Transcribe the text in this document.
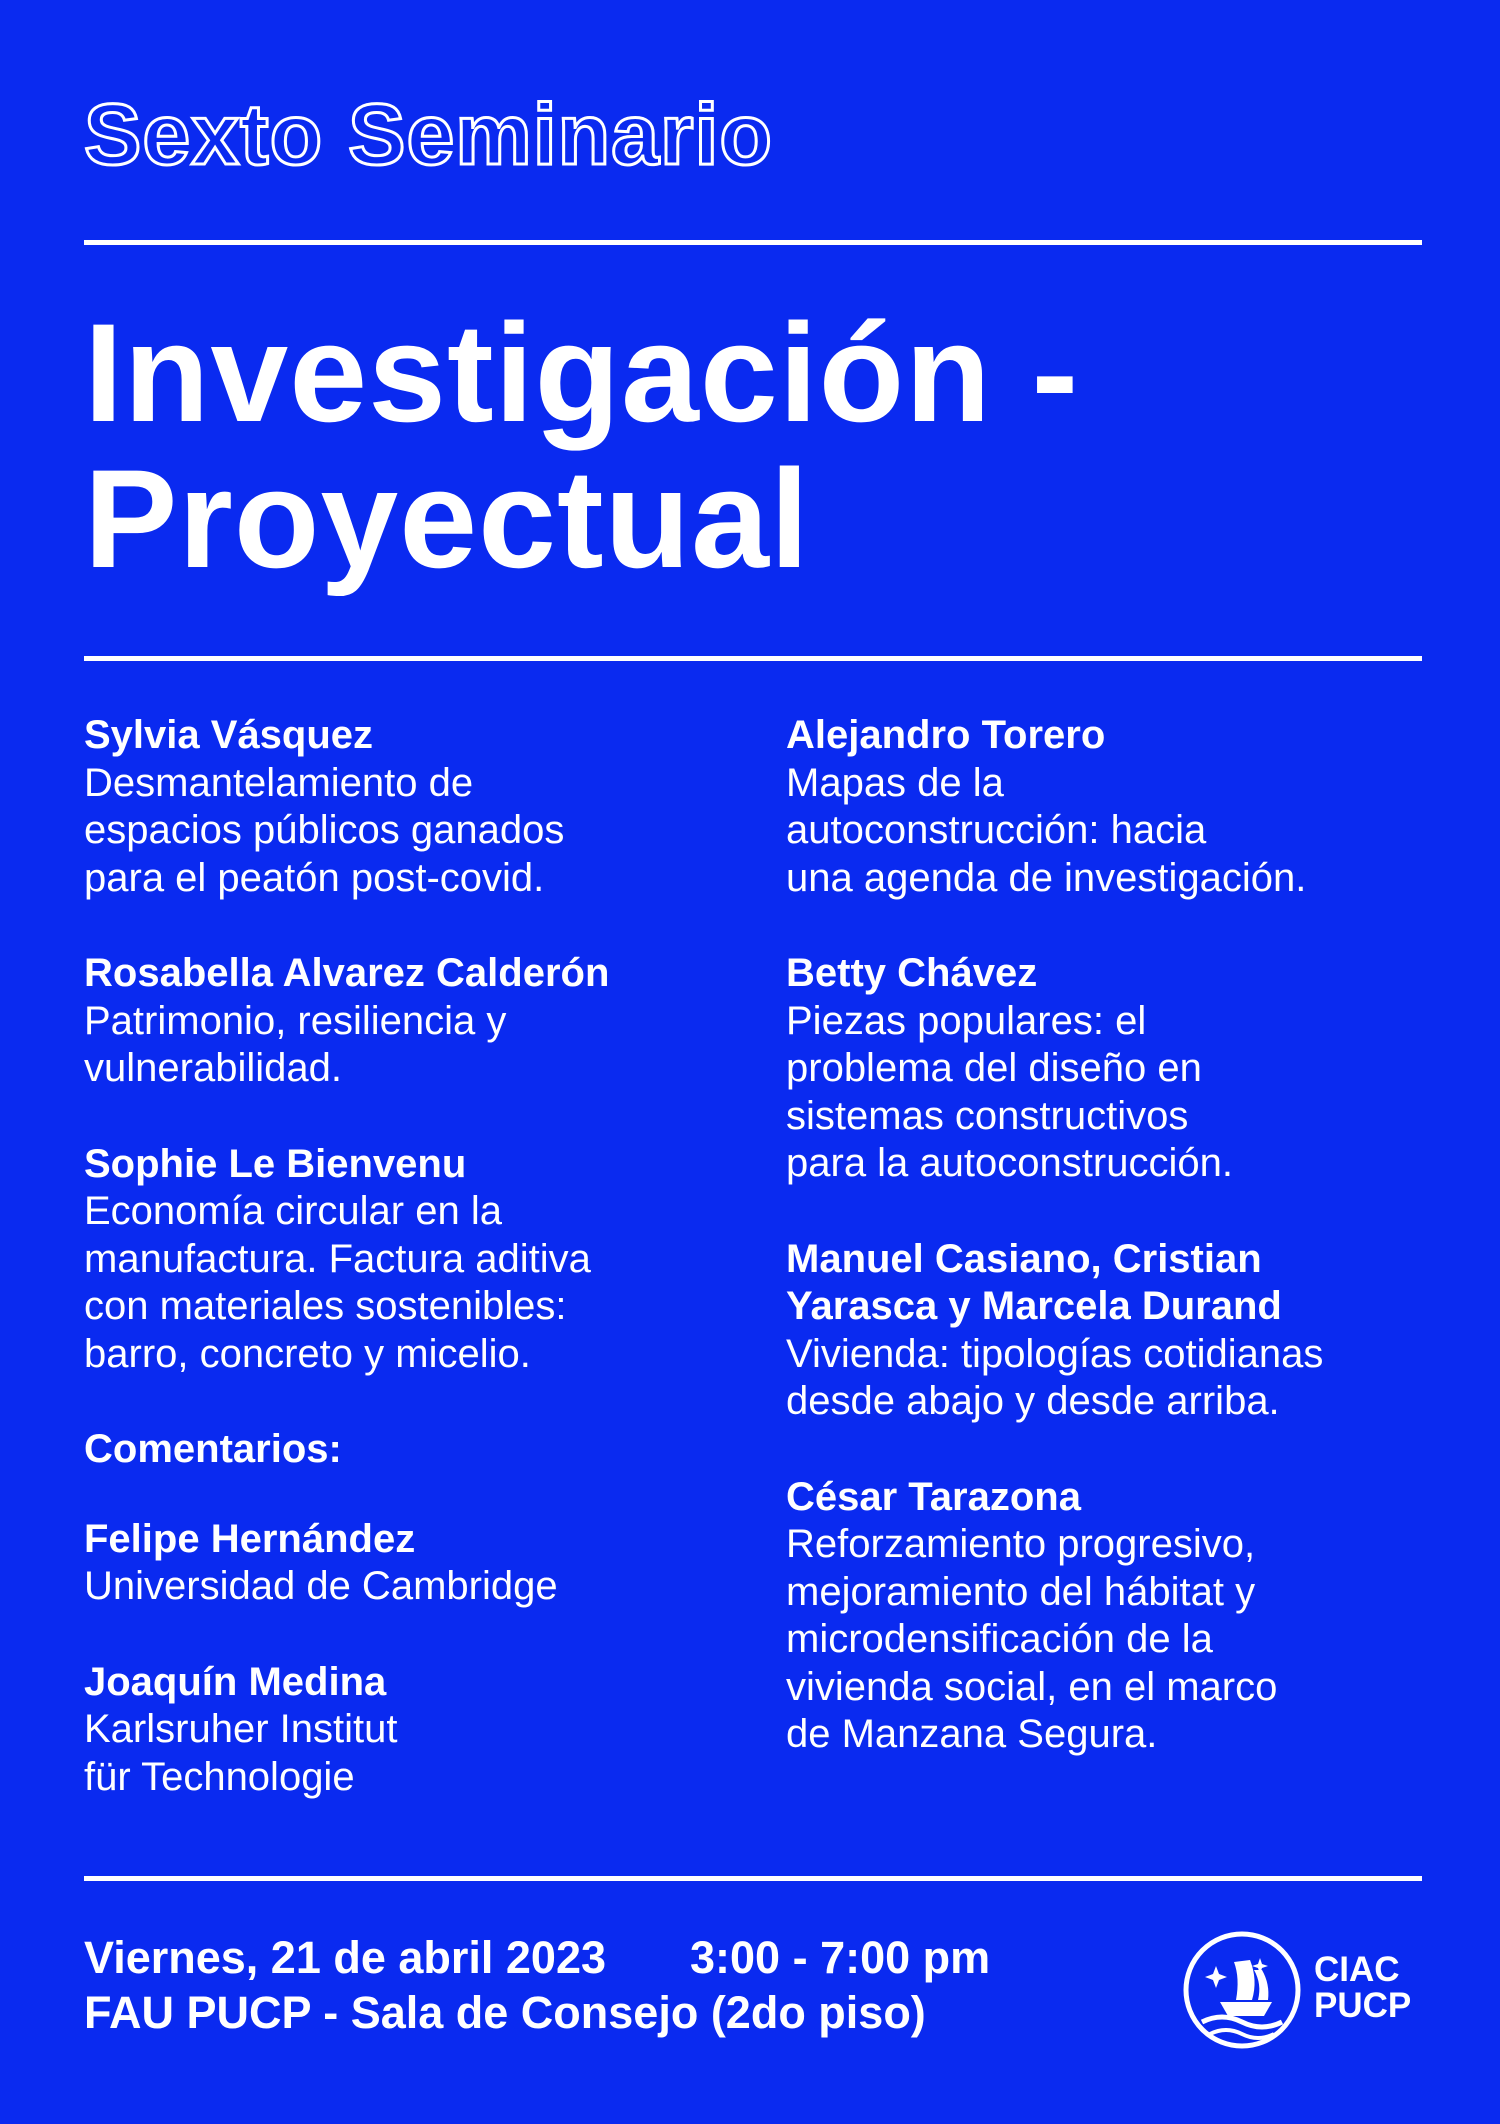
Sexto Seminario
Investigación -
Proyectual
Sylvia Vásquez
Desmantelamiento de
espacios públicos ganados
para el peatón post-covid.
Rosabella Alvarez Calderón
Patrimonio, resiliencia y
vulnerabilidad.
Sophie Le Bienvenu
Economía circular en la
manufactura. Factura aditiva
con materiales sostenibles:
barro, concreto y micelio.
Comentarios:
Felipe Hernández
Universidad de Cambridge
Joaquín Medina
Karlsruher Institut
für Technologie
Alejandro Torero
Mapas de la
autoconstrucción: hacia
una agenda de investigación.
Betty Chávez
Piezas populares: el
problema del diseño en
sistemas constructivos
para la autoconstrucción.
Manuel Casiano, Cristian
Yarasca y Marcela Durand
Vivienda: tipologías cotidianas
desde abajo y desde arriba.
César Tarazona
Reforzamiento progresivo,
mejoramiento del hábitat y
microdensificación de la
vivienda social, en el marco
de Manzana Segura.
Viernes, 21 de abril 2023 3:00 - 7:00 pm
FAU PUCP - Sala de Consejo (2do piso)
CIAC
PUCP
